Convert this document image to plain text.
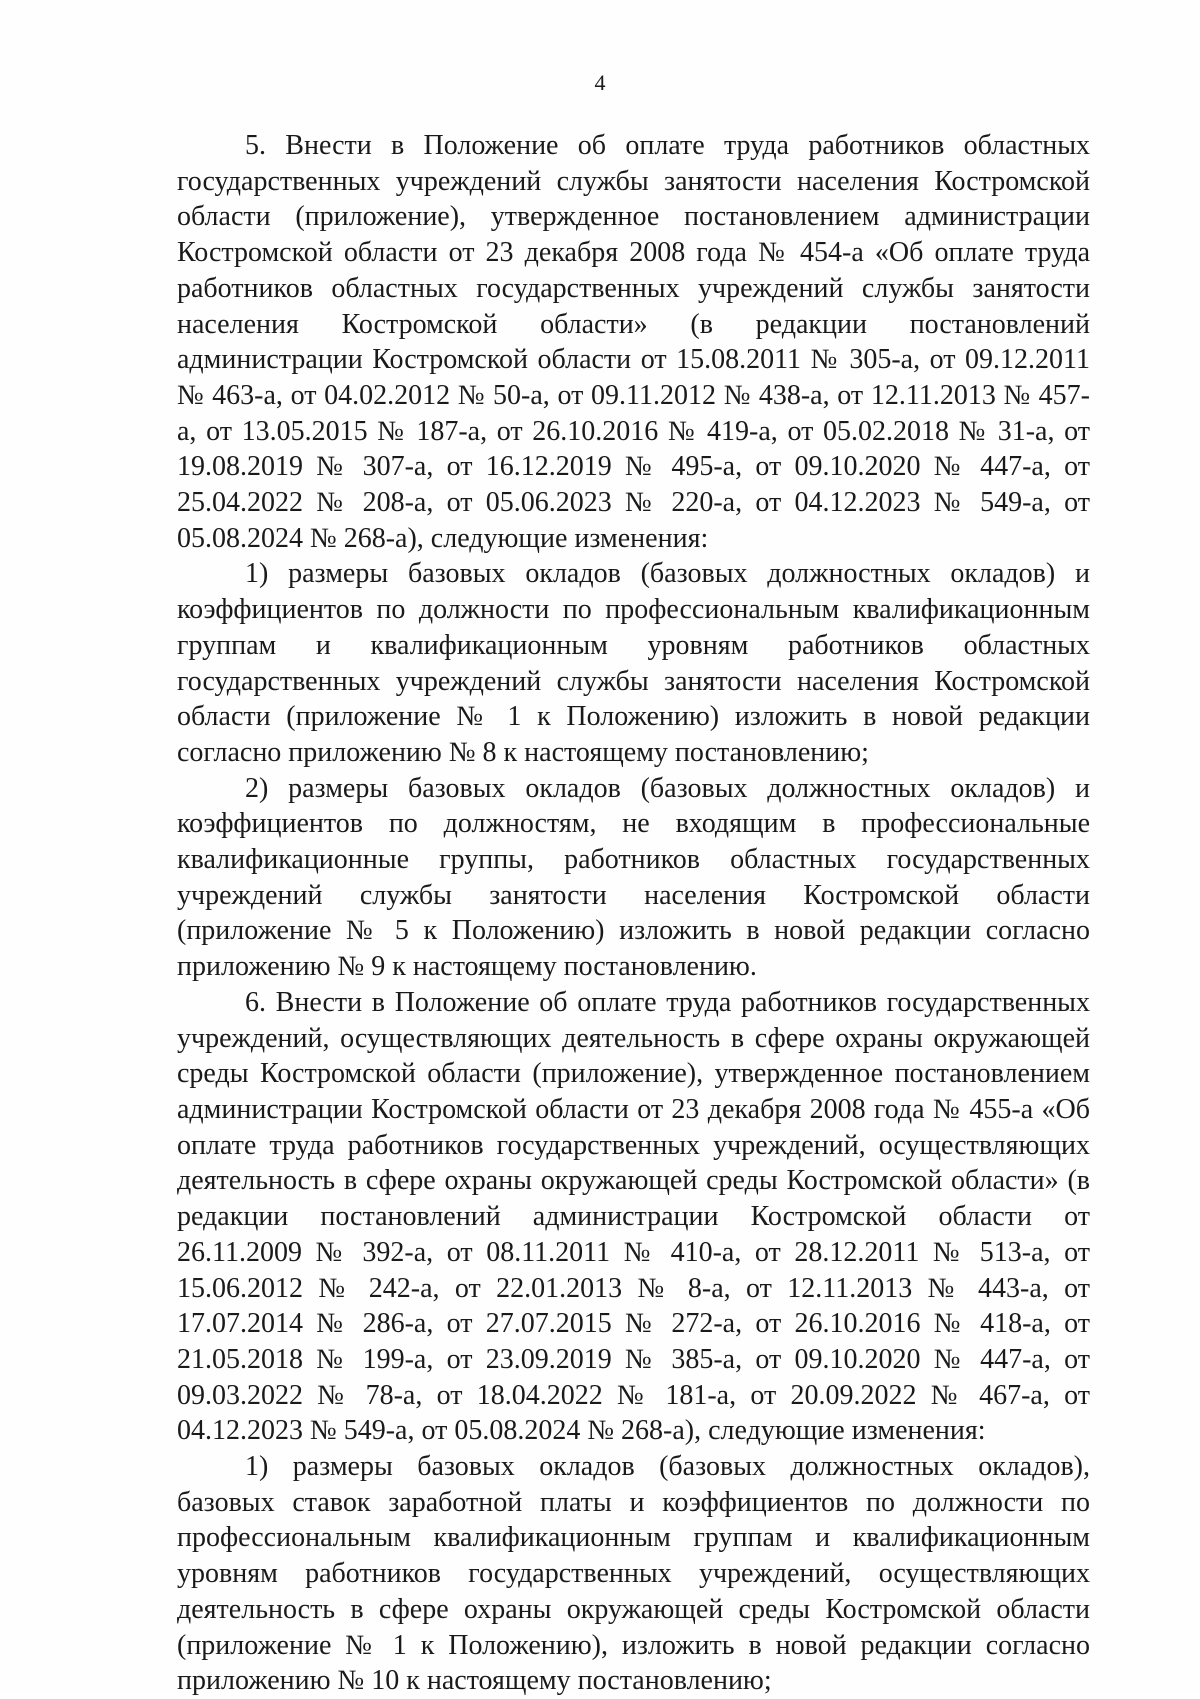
4

5. Внести в Положение об оплате труда работников областных государственных учреждений службы занятости населения Костромской области (приложение), утвержденное постановлением администрации Костромской области от 23 декабря 2008 года № 454-а «Об оплате труда работников областных государственных учреждений службы занятости населения Костромской области» (в редакции постановлений администрации Костромской области от 15.08.2011 № 305-а, от 09.12.2011 № 463-а, от 04.02.2012 № 50-а, от 09.11.2012 № 438-а, от 12.11.2013 № 457-а, от 13.05.2015 № 187-а, от 26.10.2016 № 419-а, от 05.02.2018 № 31-а, от 19.08.2019 № 307-а, от 16.12.2019 № 495-а, от 09.10.2020 № 447-а, от 25.04.2022 № 208-а, от 05.06.2023 № 220-а, от 04.12.2023 № 549-а, от 05.08.2024 № 268-а), следующие изменения:

1) размеры базовых окладов (базовых должностных окладов) и коэффициентов по должности по профессиональным квалификационным группам и квалификационным уровням работников областных государственных учреждений службы занятости населения Костромской области (приложение № 1 к Положению) изложить в новой редакции согласно приложению № 8 к настоящему постановлению;

2) размеры базовых окладов (базовых должностных окладов) и коэффициентов по должностям, не входящим в профессиональные квалификационные группы, работников областных государственных учреждений службы занятости населения Костромской области (приложение № 5 к Положению) изложить в новой редакции согласно приложению № 9 к настоящему постановлению.

6. Внести в Положение об оплате труда работников государственных учреждений, осуществляющих деятельность в сфере охраны окружающей среды Костромской области (приложение), утвержденное постановлением администрации Костромской области от 23 декабря 2008 года № 455-а «Об оплате труда работников государственных учреждений, осуществляющих деятельность в сфере охраны окружающей среды Костромской области» (в редакции постановлений администрации Костромской области от 26.11.2009 № 392-а, от 08.11.2011 № 410-а, от 28.12.2011 № 513-а, от 15.06.2012 № 242-а, от 22.01.2013 № 8-а, от 12.11.2013 № 443-а, от 17.07.2014 № 286-а, от 27.07.2015 № 272-а, от 26.10.2016 № 418-а, от 21.05.2018 № 199-а, от 23.09.2019 № 385-а, от 09.10.2020 № 447-а, от 09.03.2022 № 78-а, от 18.04.2022 № 181-а, от 20.09.2022 № 467-а, от 04.12.2023 № 549-а, от 05.08.2024 № 268-а), следующие изменения:

1) размеры базовых окладов (базовых должностных окладов), базовых ставок заработной платы и коэффициентов по должности по профессиональным квалификационным группам и квалификационным уровням работников государственных учреждений, осуществляющих деятельность в сфере охраны окружающей среды Костромской области (приложение № 1 к Положению), изложить в новой редакции согласно приложению № 10 к настоящему постановлению;
